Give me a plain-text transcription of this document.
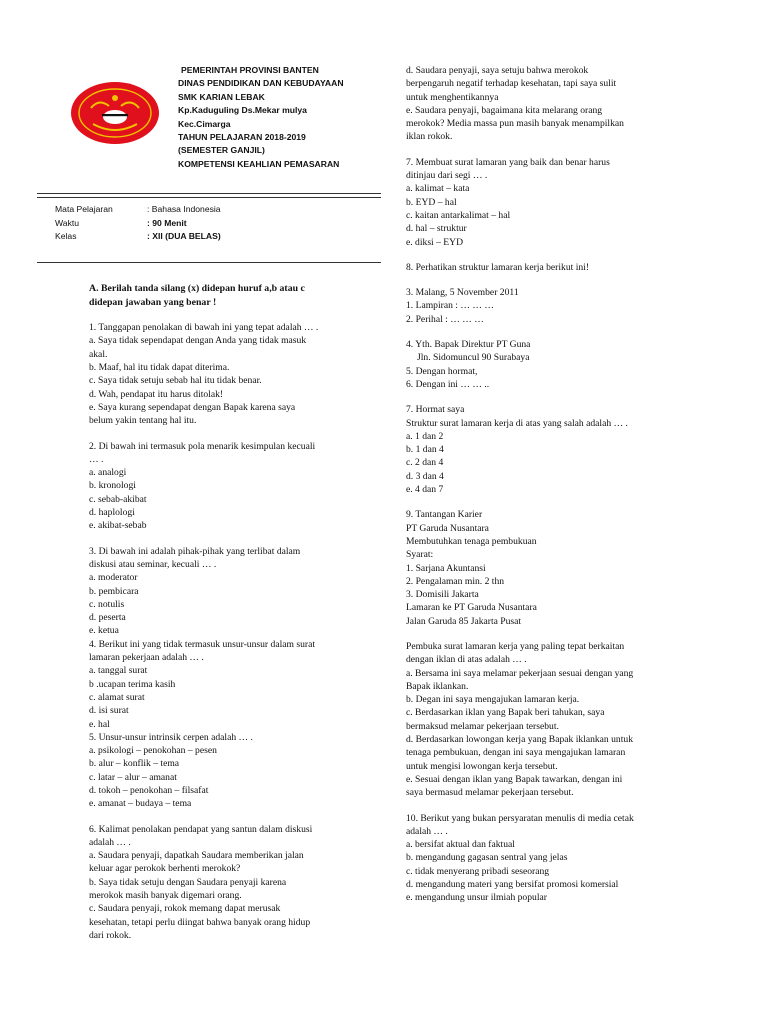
PEMERINTAH PROVINSI BANTEN
DINAS PENDIDIKAN DAN KEBUDAYAAN
SMK KARIAN LEBAK
Kp.Kaduguling Ds.Mekar mulya
Kec.Cimarga
TAHUN PELAJARAN 2018-2019
(SEMESTER GANJIL)
KOMPETENSI KEAHLIAN PEMASARAN
Mata Pelajaran	: Bahasa Indonesia
Waktu	: 90 Menit
Kelas	: XII (DUA BELAS)
A. Berilah tanda silang (x) didepan huruf a,b atau c
didepan jawaban yang benar !
1. Tanggapan penolakan di bawah ini yang tepat adalah … .
a. Saya tidak sependapat dengan Anda yang tidak masuk
akal.
b. Maaf, hal itu tidak dapat diterima.
c. Saya tidak setuju sebab hal itu tidak benar.
d. Wah, pendapat itu harus ditolak!
e. Saya kurang sependapat dengan Bapak karena saya
belum yakin tentang hal itu.
2. Di bawah ini termasuk pola menarik kesimpulan kecuali
… .
a. analogi
b. kronologi
c. sebab-akibat
d. haplologi
e. akibat-sebab
3. Di bawah ini adalah pihak-pihak yang terlibat dalam
diskusi atau seminar, kecuali … .
a. moderator
b. pembicara
c. notulis
d. peserta
e. ketua
4. Berikut ini yang tidak termasuk unsur-unsur dalam surat
lamaran pekerjaan adalah … .
a. tanggal surat
b .ucapan terima kasih
c. alamat surat
d. isi surat
e. hal
5. Unsur-unsur intrinsik cerpen adalah … .
a. psikologi – penokohan – pesen
b. alur – konflik – tema
c. latar – alur – amanat
d. tokoh – penokohan – filsafat
e. amanat – budaya – tema
6. Kalimat penolakan pendapat yang santun dalam diskusi
adalah … .
a. Saudara penyaji, dapatkah Saudara memberikan jalan
keluar agar perokok berhenti merokok?
b. Saya tidak setuju dengan Saudara penyaji karena
merokok masih banyak digemari orang.
c. Saudara penyaji, rokok memang dapat merusak
kesehatan, tetapi perlu diingat bahwa banyak orang hidup
dari rokok.
d. Saudara penyaji, saya setuju bahwa merokok
berpengaruh negatif terhadap kesehatan, tapi saya sulit
untuk menghentikannya
e. Saudara penyaji, bagaimana kita melarang orang
merokok? Media massa pun masih banyak menampilkan
iklan rokok.
7. Membuat surat lamaran yang baik dan benar harus
ditinjau dari segi … .
a. kalimat – kata
b. EYD – hal
c. kaitan antarkalimat – hal
d. hal – struktur
e. diksi – EYD
8. Perhatikan struktur lamaran kerja berikut ini!
3. Malang, 5 November 2011
1. Lampiran : … … …
2. Perihal : … … …
4. Yth. Bapak Direktur PT Guna
Jln. Sidomuncul 90 Surabaya
5. Dengan hormat,
6. Dengan ini … … ..
7. Hormat saya
Struktur surat lamaran kerja di atas yang salah adalah … .
a. 1 dan 2
b. 1 dan 4
c. 2 dan 4
d. 3 dan 4
e. 4 dan 7
9. Tantangan Karier
PT Garuda Nusantara
Membutuhkan tenaga pembukuan
Syarat:
1. Sarjana Akuntansi
2. Pengalaman min. 2 thn
3. Domisili Jakarta
Lamaran ke PT Garuda Nusantara
Jalan Garuda 85 Jakarta Pusat
Pembuka surat lamaran kerja yang paling tepat berkaitan
dengan iklan di atas adalah … .
a. Bersama ini saya melamar pekerjaan sesuai dengan yang
Bapak iklankan.
b. Degan ini saya mengajukan lamaran kerja.
c. Berdasarkan iklan yang Bapak beri tahukan, saya
bermaksud melamar pekerjaan tersebut.
d. Berdasarkan lowongan kerja yang Bapak iklankan untuk
tenaga pembukuan, dengan ini saya mengajukan lamaran
untuk mengisi lowongan kerja tersebut.
e. Sesuai dengan iklan yang Bapak tawarkan, dengan ini
saya bermasud melamar pekerjaan tersebut.
10. Berikut yang bukan persyaratan menulis di media cetak
adalah … .
a. bersifat aktual dan faktual
b. mengandung gagasan sentral yang jelas
c. tidak menyerang pribadi seseorang
d. mengandung materi yang bersifat promosi komersial
e. mengandung unsur ilmiah popular
